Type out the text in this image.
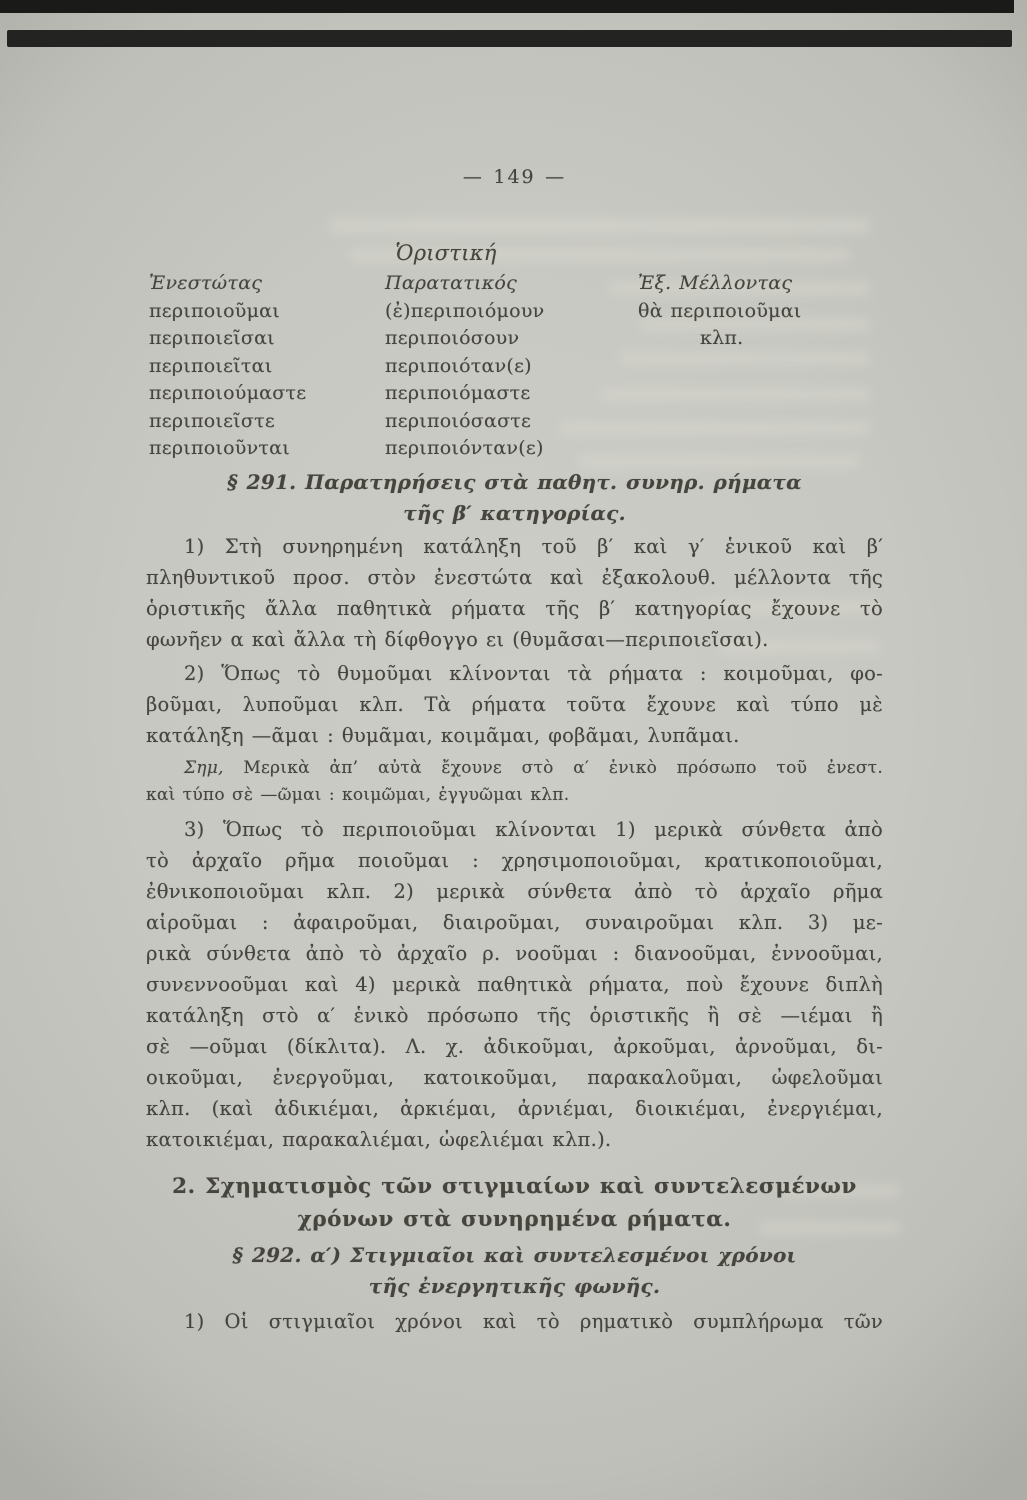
— 149 —
Ὁριστική
Ἐνεστώτας	Παρατατικός	Ἐξ. Μέλλοντας
περιποιοῦμαι	(ἐ)περιποιόμουν	θὰ περιποιοῦμαι
περιποιεῖσαι	περιποιόσουν	κλπ.
περιποιεῖται	περιποιόταν(ε)
περιποιούμαστε	περιποιόμαστε
περιποιεῖστε	περιποιόσαστε
περιποιοῦνται	περιποιόνταν(ε)
§ 291. Παρατηρήσεις στὰ παθητ. συνηρ. ρήματα
τῆς β′ κατηγορίας.
1) Στὴ συνηρημένη κατάληξη τοῦ β′ καὶ γ′ ἑνικοῦ καὶ β′
πληθυντικοῦ προσ. στὸν ἐνεστώτα καὶ ἐξακολουθ. μέλλοντα τῆς
ὁριστικῆς ἄλλα παθητικὰ ρήματα τῆς β′ κατηγορίας ἔχουνε τὸ
φωνῆεν α καὶ ἄλλα τὴ δίφθογγο ει (θυμᾶσαι—περιποιεῖσαι).
2) Ὅπως τὸ θυμοῦμαι κλίνονται τὰ ρήματα : κοιμοῦμαι, φο-
βοῦμαι, λυποῦμαι κλπ. Τὰ ρήματα τοῦτα ἔχουνε καὶ τύπο μὲ
κατάληξη —ᾶμαι : θυμᾶμαι, κοιμᾶμαι, φοβᾶμαι, λυπᾶμαι.
Σημ, Μερικὰ ἀπ’ αὐτὰ ἔχουνε στὸ α′ ἑνικὸ πρόσωπο τοῦ ἐνεστ.
καὶ τύπο σὲ —ῶμαι : κοιμῶμαι, ἐγγυῶμαι κλπ.
3) Ὅπως τὸ περιποιοῦμαι κλίνονται 1) μερικὰ σύνθετα ἀπὸ
τὸ ἀρχαῖο ρῆμα ποιοῦμαι : χρησιμοποιοῦμαι, κρατικοποιοῦμαι,
ἐθνικοποιοῦμαι κλπ. 2) μερικὰ σύνθετα ἀπὸ τὸ ἀρχαῖο ρῆμα
αἱροῦμαι : ἀφαιροῦμαι, διαιροῦμαι, συναιροῦμαι κλπ. 3) με-
ρικὰ σύνθετα ἀπὸ τὸ ἀρχαῖο ρ. νοοῦμαι : διανοοῦμαι, ἐννοοῦμαι,
συνεννοοῦμαι καὶ 4) μερικὰ παθητικὰ ρήματα, ποὺ ἔχουνε διπλὴ
κατάληξη στὸ α′ ἑνικὸ πρόσωπο τῆς ὁριστικῆς ἢ σὲ —ιέμαι ἢ
σὲ —οῦμαι (δίκλιτα). Λ. χ. ἀδικοῦμαι, ἀρκοῦμαι, ἀρνοῦμαι, δι-
οικοῦμαι, ἐνεργοῦμαι, κατοικοῦμαι, παρακαλοῦμαι, ὠφελοῦμαι
κλπ. (καὶ ἀδικιέμαι, ἀρκιέμαι, ἀρνιέμαι, διοικιέμαι, ἐνεργιέμαι,
κατοικιέμαι, παρακαλιέμαι, ὠφελιέμαι κλπ.).
2. Σχηματισμὸς τῶν στιγμιαίων καὶ συντελεσμένων
χρόνων στὰ συνηρημένα ρήματα.
§ 292. α′) Στιγμιαῖοι καὶ συντελεσμένοι χρόνοι
τῆς ἐνεργητικῆς φωνῆς.
1) Οἱ στιγμιαῖοι χρόνοι καὶ τὸ ρηματικὸ συμπλήρωμα τῶν
